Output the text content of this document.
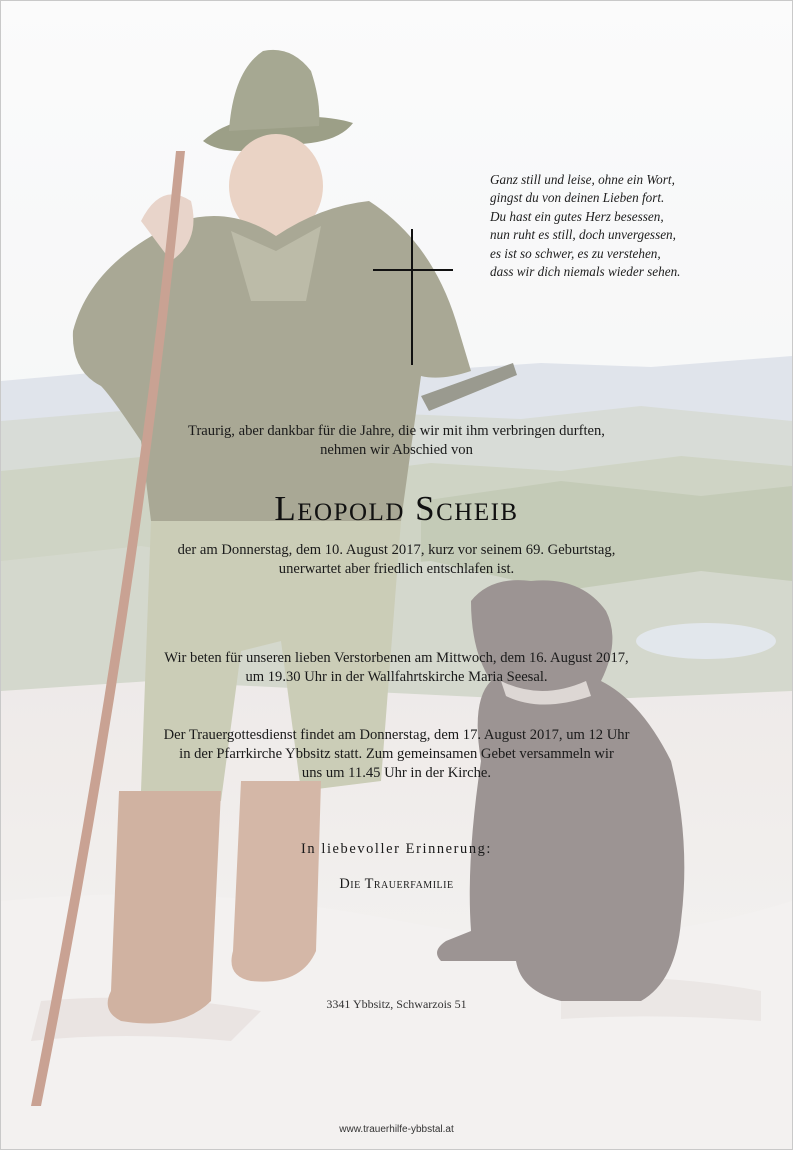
Ganz still und leise, ohne ein Wort,
gingst du von deinen Lieben fort.
Du hast ein gutes Herz besessen,
nun ruht es still, doch unvergessen,
es ist so schwer, es zu verstehen,
dass wir dich niemals wieder sehen.
Traurig, aber dankbar für die Jahre, die wir mit ihm verbringen durften,
nehmen wir Abschied von
Leopold Scheib
der am Donnerstag, dem 10. August 2017, kurz vor seinem 69. Geburtstag,
unerwartet aber friedlich entschlafen ist.
Wir beten für unseren lieben Verstorbenen am Mittwoch, dem 16. August 2017,
um 19.30 Uhr in der Wallfahrtskirche Maria Seesal.
Der Trauergottesdienst findet am Donnerstag, dem 17. August 2017, um 12 Uhr
in der Pfarrkirche Ybbsitz statt. Zum gemeinsamen Gebet versammeln wir
uns um 11.45 Uhr in der Kirche.
In liebevoller Erinnerung:
Die Trauerfamilie
3341 Ybbsitz, Schwarzois 51
www.trauerhilfe-ybbstal.at
